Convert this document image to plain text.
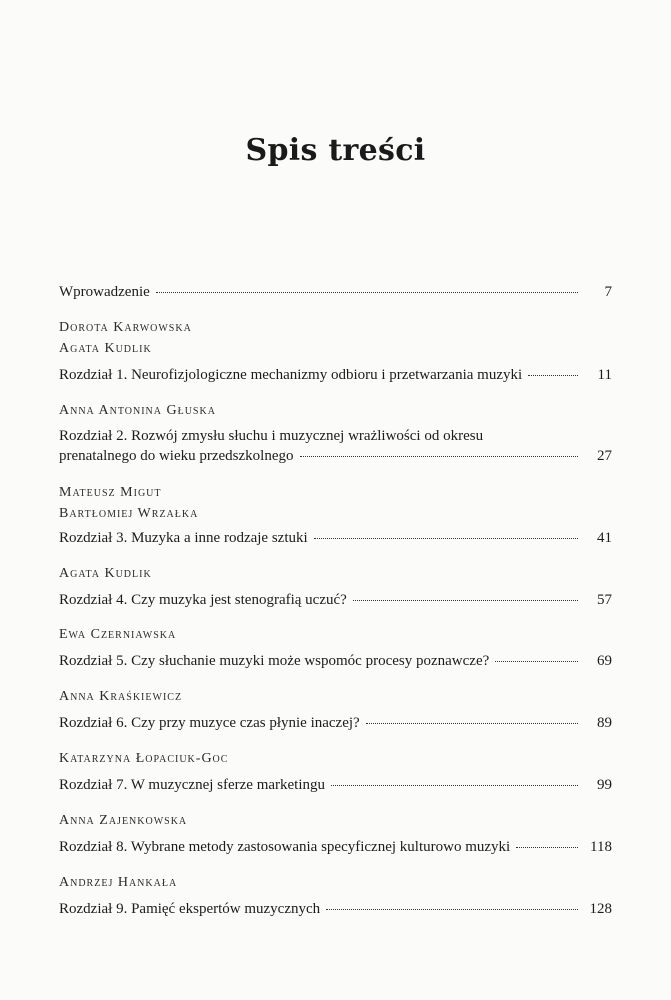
Spis treści
Wprowadzenie	7
Dorota Karwowska
Agata Kudlik
Rozdział 1. Neurofizjologiczne mechanizmy odbioru i przetwarzania muzyki	11
Anna Antonina Głuska
Rozdział 2. Rozwój zmysłu słuchu i muzycznej wrażliwości od okresu
prenatalnego do wieku przedszkolnego	27
Mateusz Migut
Bartłomiej Wrzałka
Rozdział 3. Muzyka a inne rodzaje sztuki	41
Agata Kudlik
Rozdział 4. Czy muzyka jest stenografią uczuć?	57
Ewa Czerniawska
Rozdział 5. Czy słuchanie muzyki może wspomóc procesy poznawcze?	69
Anna Kraśkiewicz
Rozdział 6. Czy przy muzyce czas płynie inaczej?	89
Katarzyna Łopaciuk-Goc
Rozdział 7. W muzycznej sferze marketingu	99
Anna Zajenkowska
Rozdział 8. Wybrane metody zastosowania specyficznej kulturowo muzyki	118
Andrzej Hankała
Rozdział 9. Pamięć ekspertów muzycznych	128
